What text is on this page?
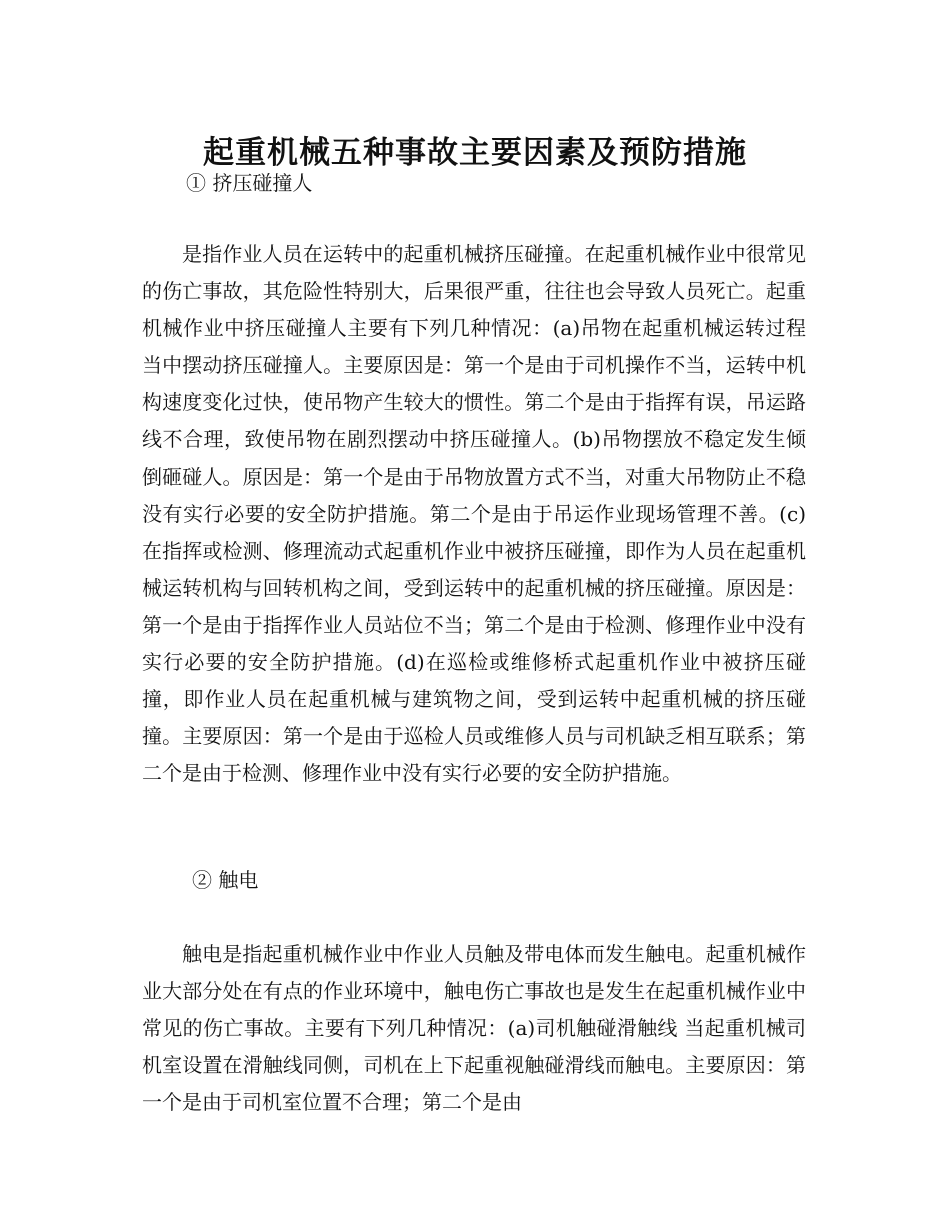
起重机械五种事故主要因素及预防措施
① 挤压碰撞人

是指作业人员在运转中的起重机械挤压碰撞。在起重机械作业中很常见的伤亡事故，其危险性特别大，后果很严重，往往也会导致人员死亡。起重机械作业中挤压碰撞人主要有下列几种情况：(a)吊物在起重机械运转过程当中摆动挤压碰撞人。主要原因是：第一个是由于司机操作不当，运转中机构速度变化过快，使吊物产生较大的惯性。第二个是由于指挥有误，吊运路线不合理，致使吊物在剧烈摆动中挤压碰撞人。(b)吊物摆放不稳定发生倾倒砸碰人。原因是：第一个是由于吊物放置方式不当，对重大吊物防止不稳没有实行必要的安全防护措施。第二个是由于吊运作业现场管理不善。(c)在指挥或检测、修理流动式起重机作业中被挤压碰撞，即作为人员在起重机械运转机构与回转机构之间，受到运转中的起重机械的挤压碰撞。原因是：第一个是由于指挥作业人员站位不当；第二个是由于检测、修理作业中没有实行必要的安全防护措施。(d)在巡检或维修桥式起重机作业中被挤压碰撞，即作业人员在起重机械与建筑物之间，受到运转中起重机械的挤压碰撞。主要原因：第一个是由于巡检人员或维修人员与司机缺乏相互联系；第二个是由于检测、修理作业中没有实行必要的安全防护措施。

② 触电

触电是指起重机械作业中作业人员触及带电体而发生触电。起重机械作业大部分处在有点的作业环境中，触电伤亡事故也是发生在起重机械作业中常见的伤亡事故。主要有下列几种情况：(a)司机触碰滑触线 当起重机械司机室设置在滑触线同侧，司机在上下起重视触碰滑线而触电。主要原因：第一个是由于司机室位置不合理；第二个是由
